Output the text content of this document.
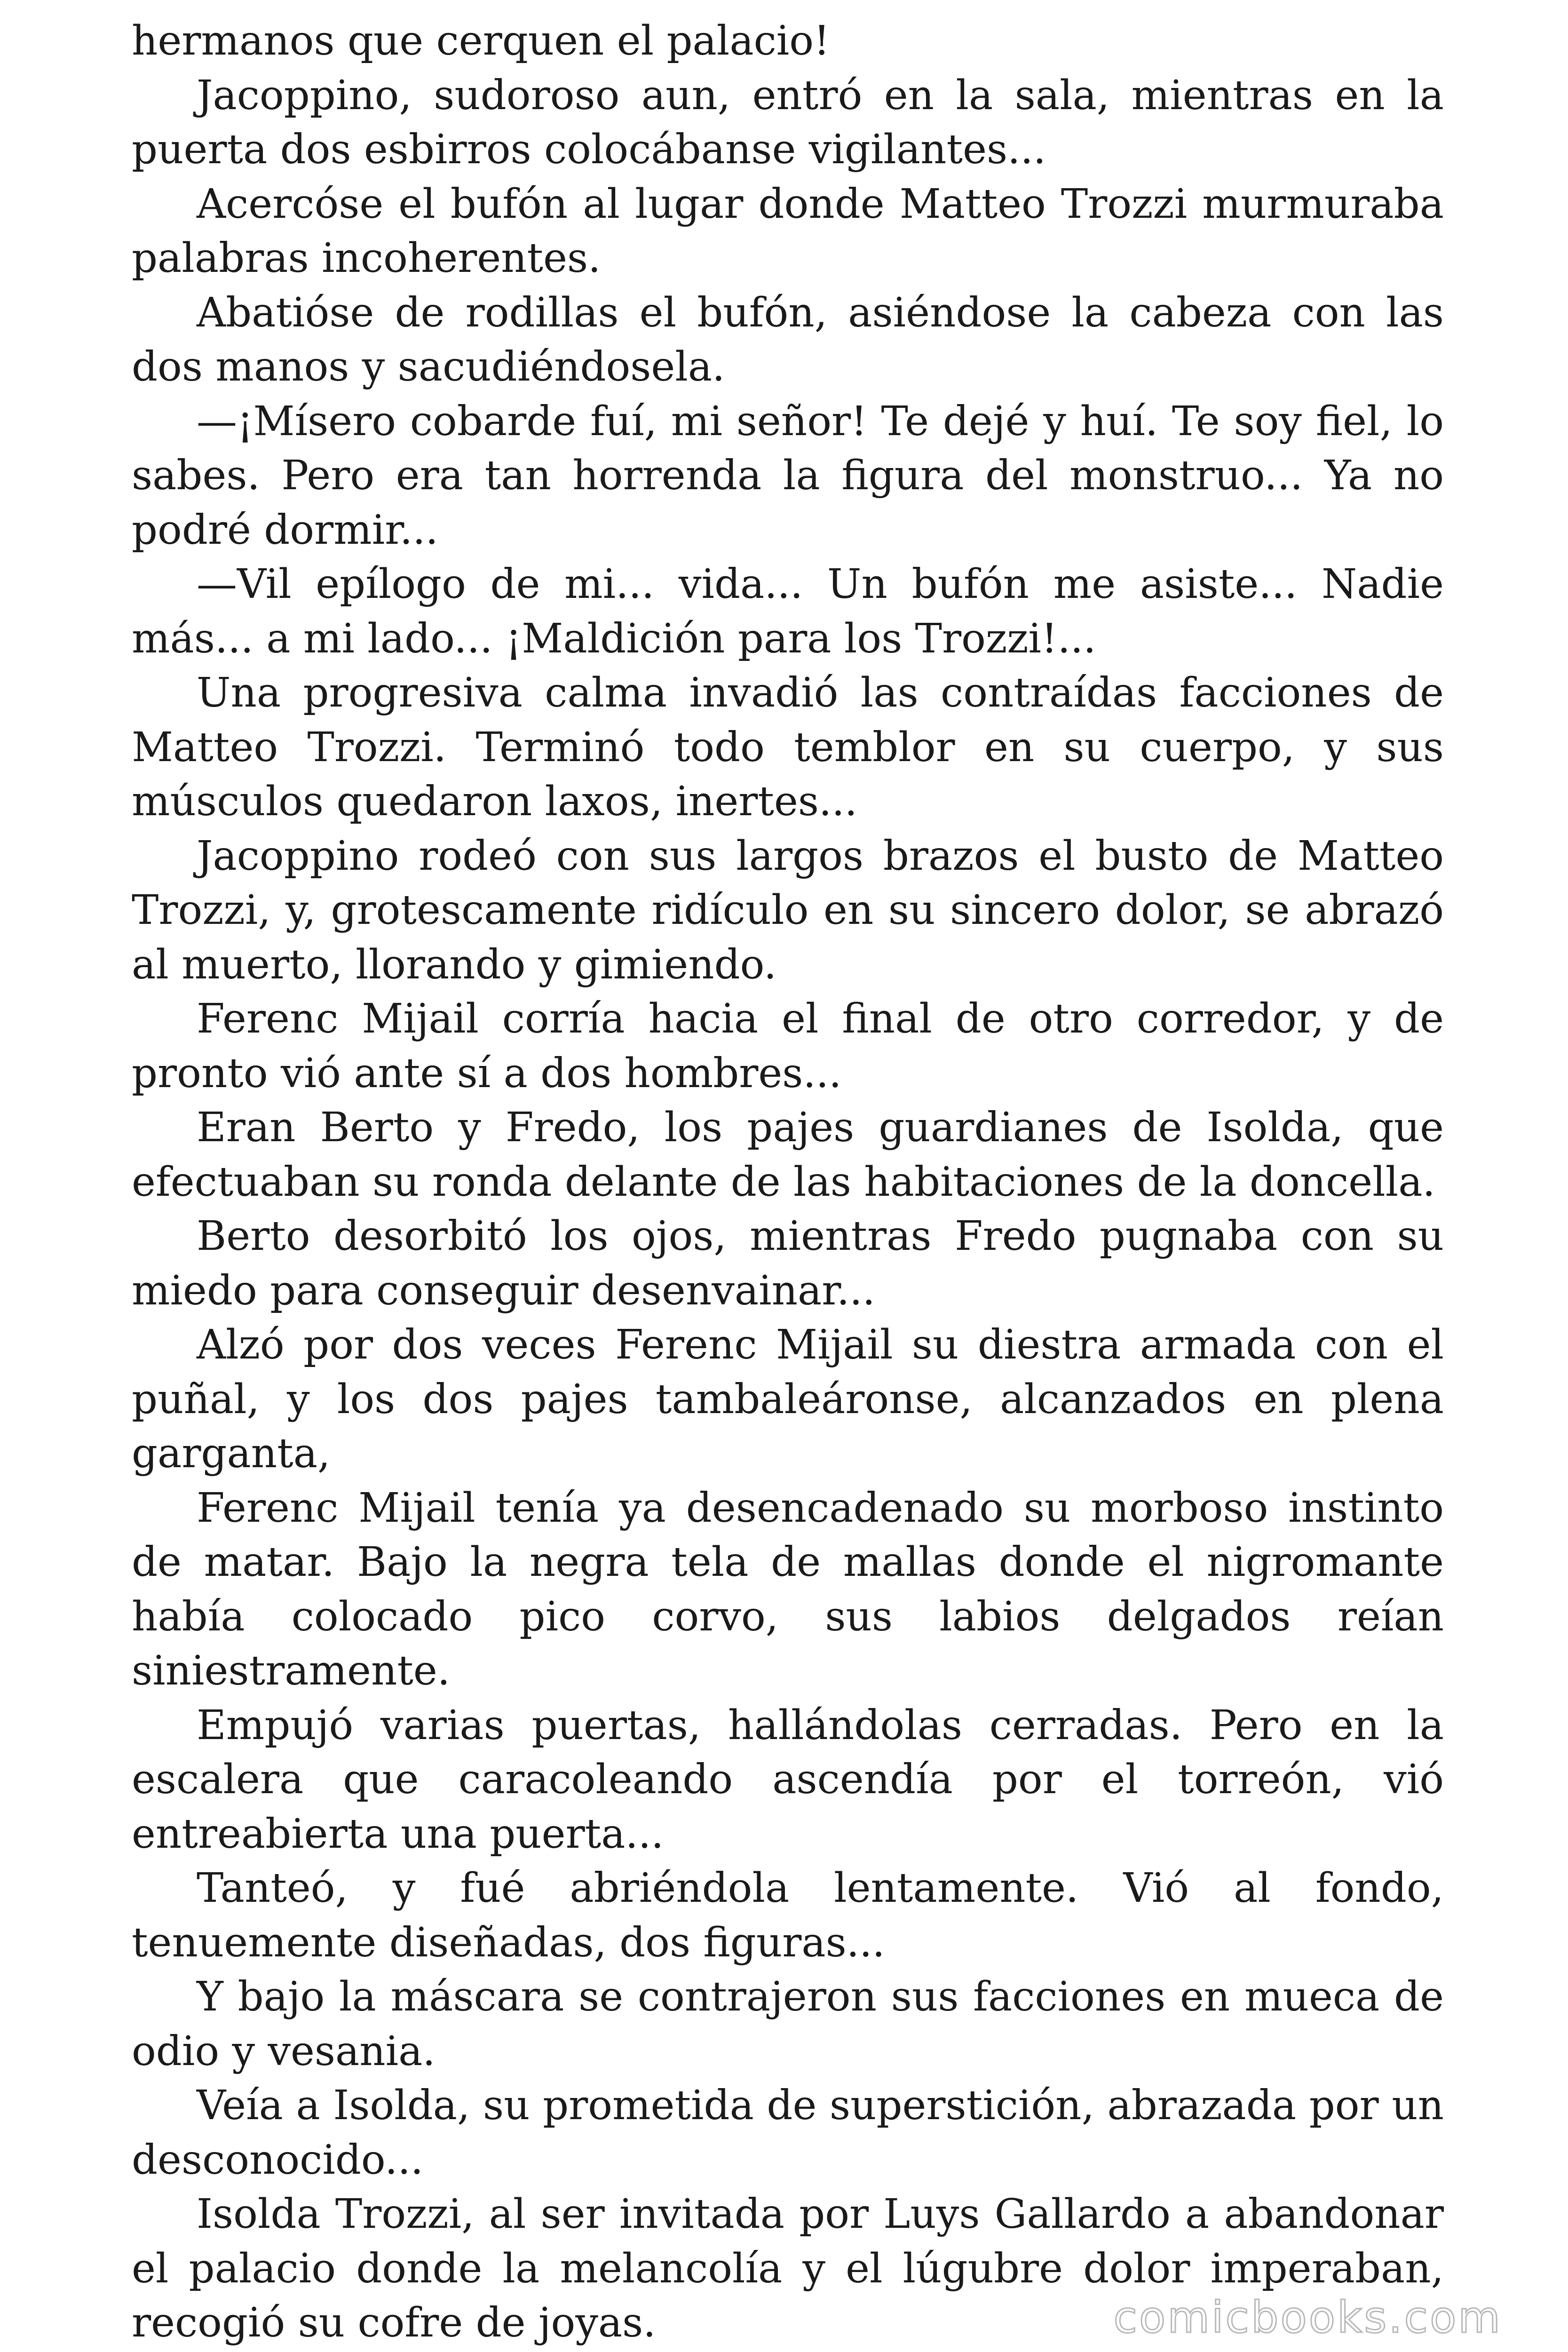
hermanos que cerquen el palacio!

Jacoppino, sudoroso aun, entró en la sala, mientras en la puerta dos esbirros colocábanse vigilantes...

Acercóse el bufón al lugar donde Matteo Trozzi murmuraba palabras incoherentes.

Abatióse de rodillas el bufón, asiéndose la cabeza con las dos manos y sacudiéndosela.

—¡Mísero cobarde fuí, mi señor! Te dejé y huí. Te soy fiel, lo sabes. Pero era tan horrenda la figura del monstruo... Ya no podré dormir...

—Vil epílogo de mi... vida... Un bufón me asiste... Nadie más... a mi lado... ¡Maldición para los Trozzi!...

Una progresiva calma invadió las contraídas facciones de Matteo Trozzi. Terminó todo temblor en su cuerpo, y sus músculos quedaron laxos, inertes...

Jacoppino rodeó con sus largos brazos el busto de Matteo Trozzi, y, grotescamente ridículo en su sincero dolor, se abrazó al muerto, llorando y gimiendo.

Ferenc Mijail corría hacia el final de otro corredor, y de pronto vió ante sí a dos hombres...

Eran Berto y Fredo, los pajes guardianes de Isolda, que efectuaban su ronda delante de las habitaciones de la doncella.

Berto desorbitó los ojos, mientras Fredo pugnaba con su miedo para conseguir desenvainar...

Alzó por dos veces Ferenc Mijail su diestra armada con el puñal, y los dos pajes tambaleáronse, alcanzados en plena garganta,

Ferenc Mijail tenía ya desencadenado su morboso instinto de matar. Bajo la negra tela de mallas donde el nigromante había colocado pico corvo, sus labios delgados reían siniestramente.

Empujó varias puertas, hallándolas cerradas. Pero en la escalera que caracoleando ascendía por el torreón, vió entreabierta una puerta...

Tanteó, y fué abriéndola lentamente. Vió al fondo, tenuemente diseñadas, dos figuras...

Y bajo la máscara se contrajeron sus facciones en mueca de odio y vesania.

Veía a Isolda, su prometida de superstición, abrazada por un desconocido...

Isolda Trozzi, al ser invitada por Luys Gallardo a abandonar el palacio donde la melancolía y el lúgubre dolor imperaban, recogió su cofre de joyas.	comicbooks.com
